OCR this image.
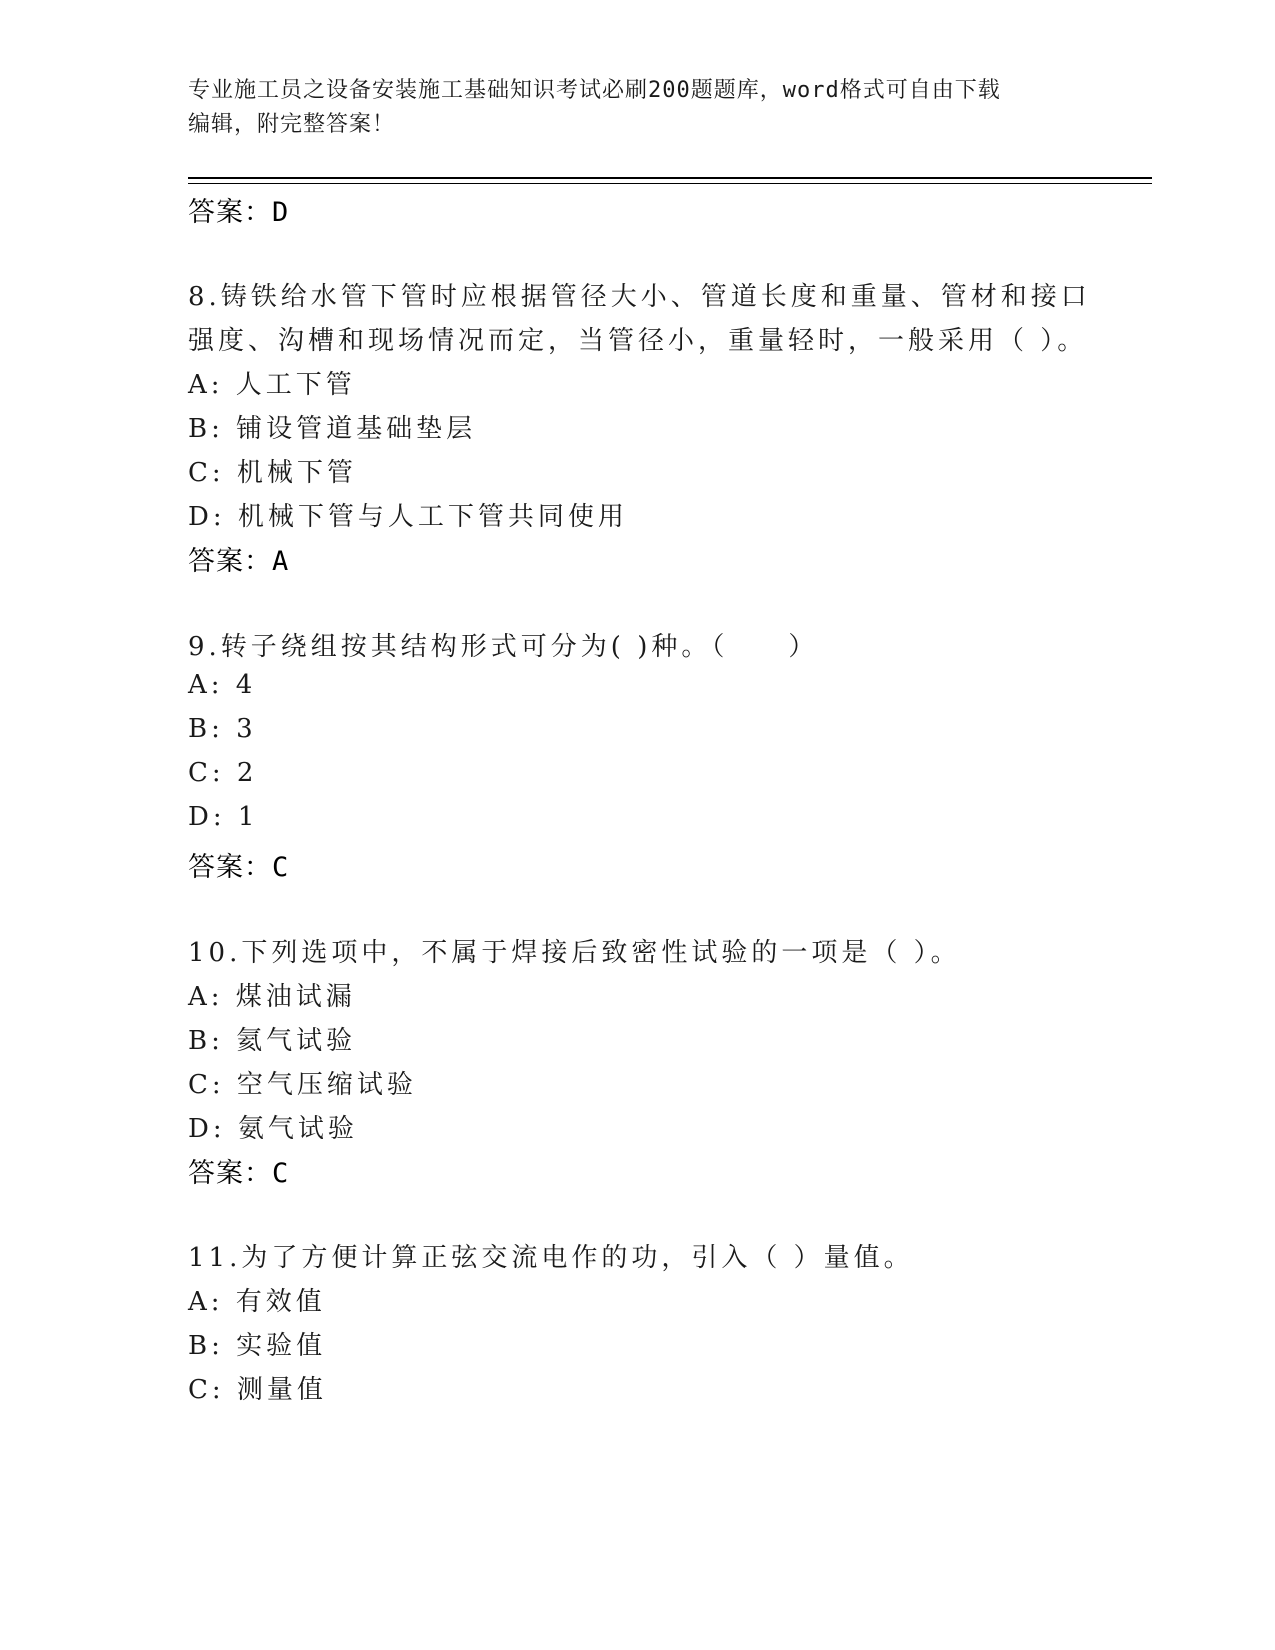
专业施工员之设备安装施工基础知识考试必刷200题题库，word格式可自由下载
编辑，附完整答案！
答案：D
8.铸铁给水管下管时应根据管径大小、管道长度和重量、管材和接口
强度、沟槽和现场情况而定，当管径小，重量轻时，一般采用（ ）。
A: 人工下管
B: 铺设管道基础垫层
C: 机械下管
D: 机械下管与人工下管共同使用
答案：A
9.转子绕组按其结构形式可分为( )种。（　　）
A: 4
B: 3
C: 2
D: 1
答案：C
10.下列选项中，不属于焊接后致密性试验的一项是（ ）。
A: 煤油试漏
B: 氦气试验
C: 空气压缩试验
D: 氨气试验
答案：C
11.为了方便计算正弦交流电作的功，引入（ ）量值。
A: 有效值
B: 实验值
C: 测量值
